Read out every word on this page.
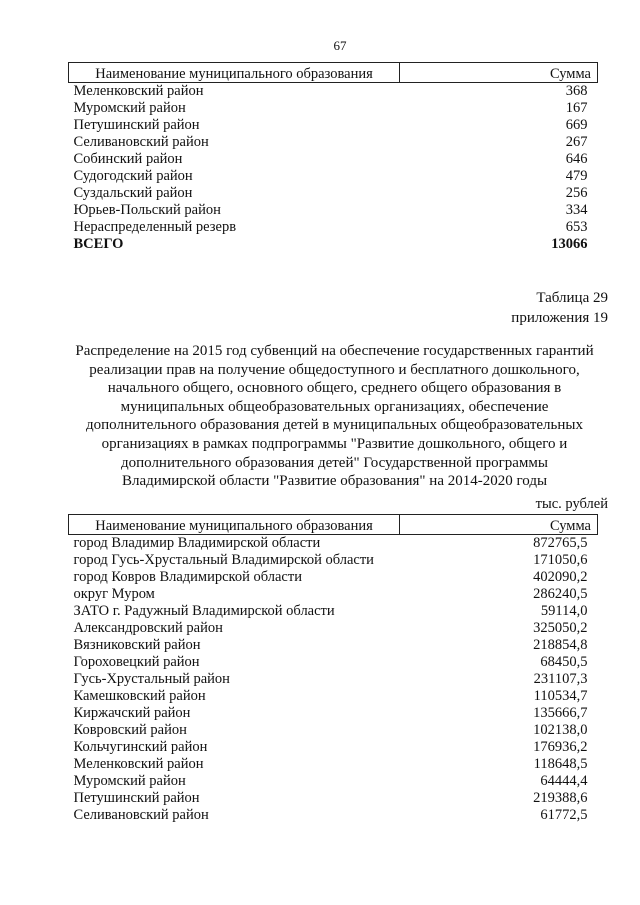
67
Наименование муниципального образования	Сумма
Меленковский район	368
Муромский район	167
Петушинский район	669
Селивановский район	267
Собинский район	646
Судогодский район	479
Суздальский район	256
Юрьев-Польский район	334
Нераспределенный резерв	653
ВСЕГО	13066
Таблица 29
приложения 19
Распределение на 2015 год субвенций на обеспечение государственных гарантий
реализации прав на получение общедоступного и бесплатного дошкольного,
начального общего, основного общего, среднего общего образования в
муниципальных общеобразовательных организациях, обеспечение
дополнительного образования детей в муниципальных общеобразовательных
организациях в рамках подпрограммы "Развитие дошкольного, общего и
дополнительного образования детей" Государственной программы
Владимирской области "Развитие образования" на 2014-2020 годы
тыс. рублей
Наименование муниципального образования	Сумма
город Владимир Владимирской области	872765,5
город Гусь-Хрустальный Владимирской области	171050,6
город Ковров Владимирской области	402090,2
округ Муром	286240,5
ЗАТО г. Радужный Владимирской области	59114,0
Александровский район	325050,2
Вязниковский район	218854,8
Гороховецкий район	68450,5
Гусь-Хрустальный район	231107,3
Камешковский район	110534,7
Киржачский район	135666,7
Ковровский район	102138,0
Кольчугинский район	176936,2
Меленковский район	118648,5
Муромский район	64444,4
Петушинский район	219388,6
Селивановский район	61772,5
